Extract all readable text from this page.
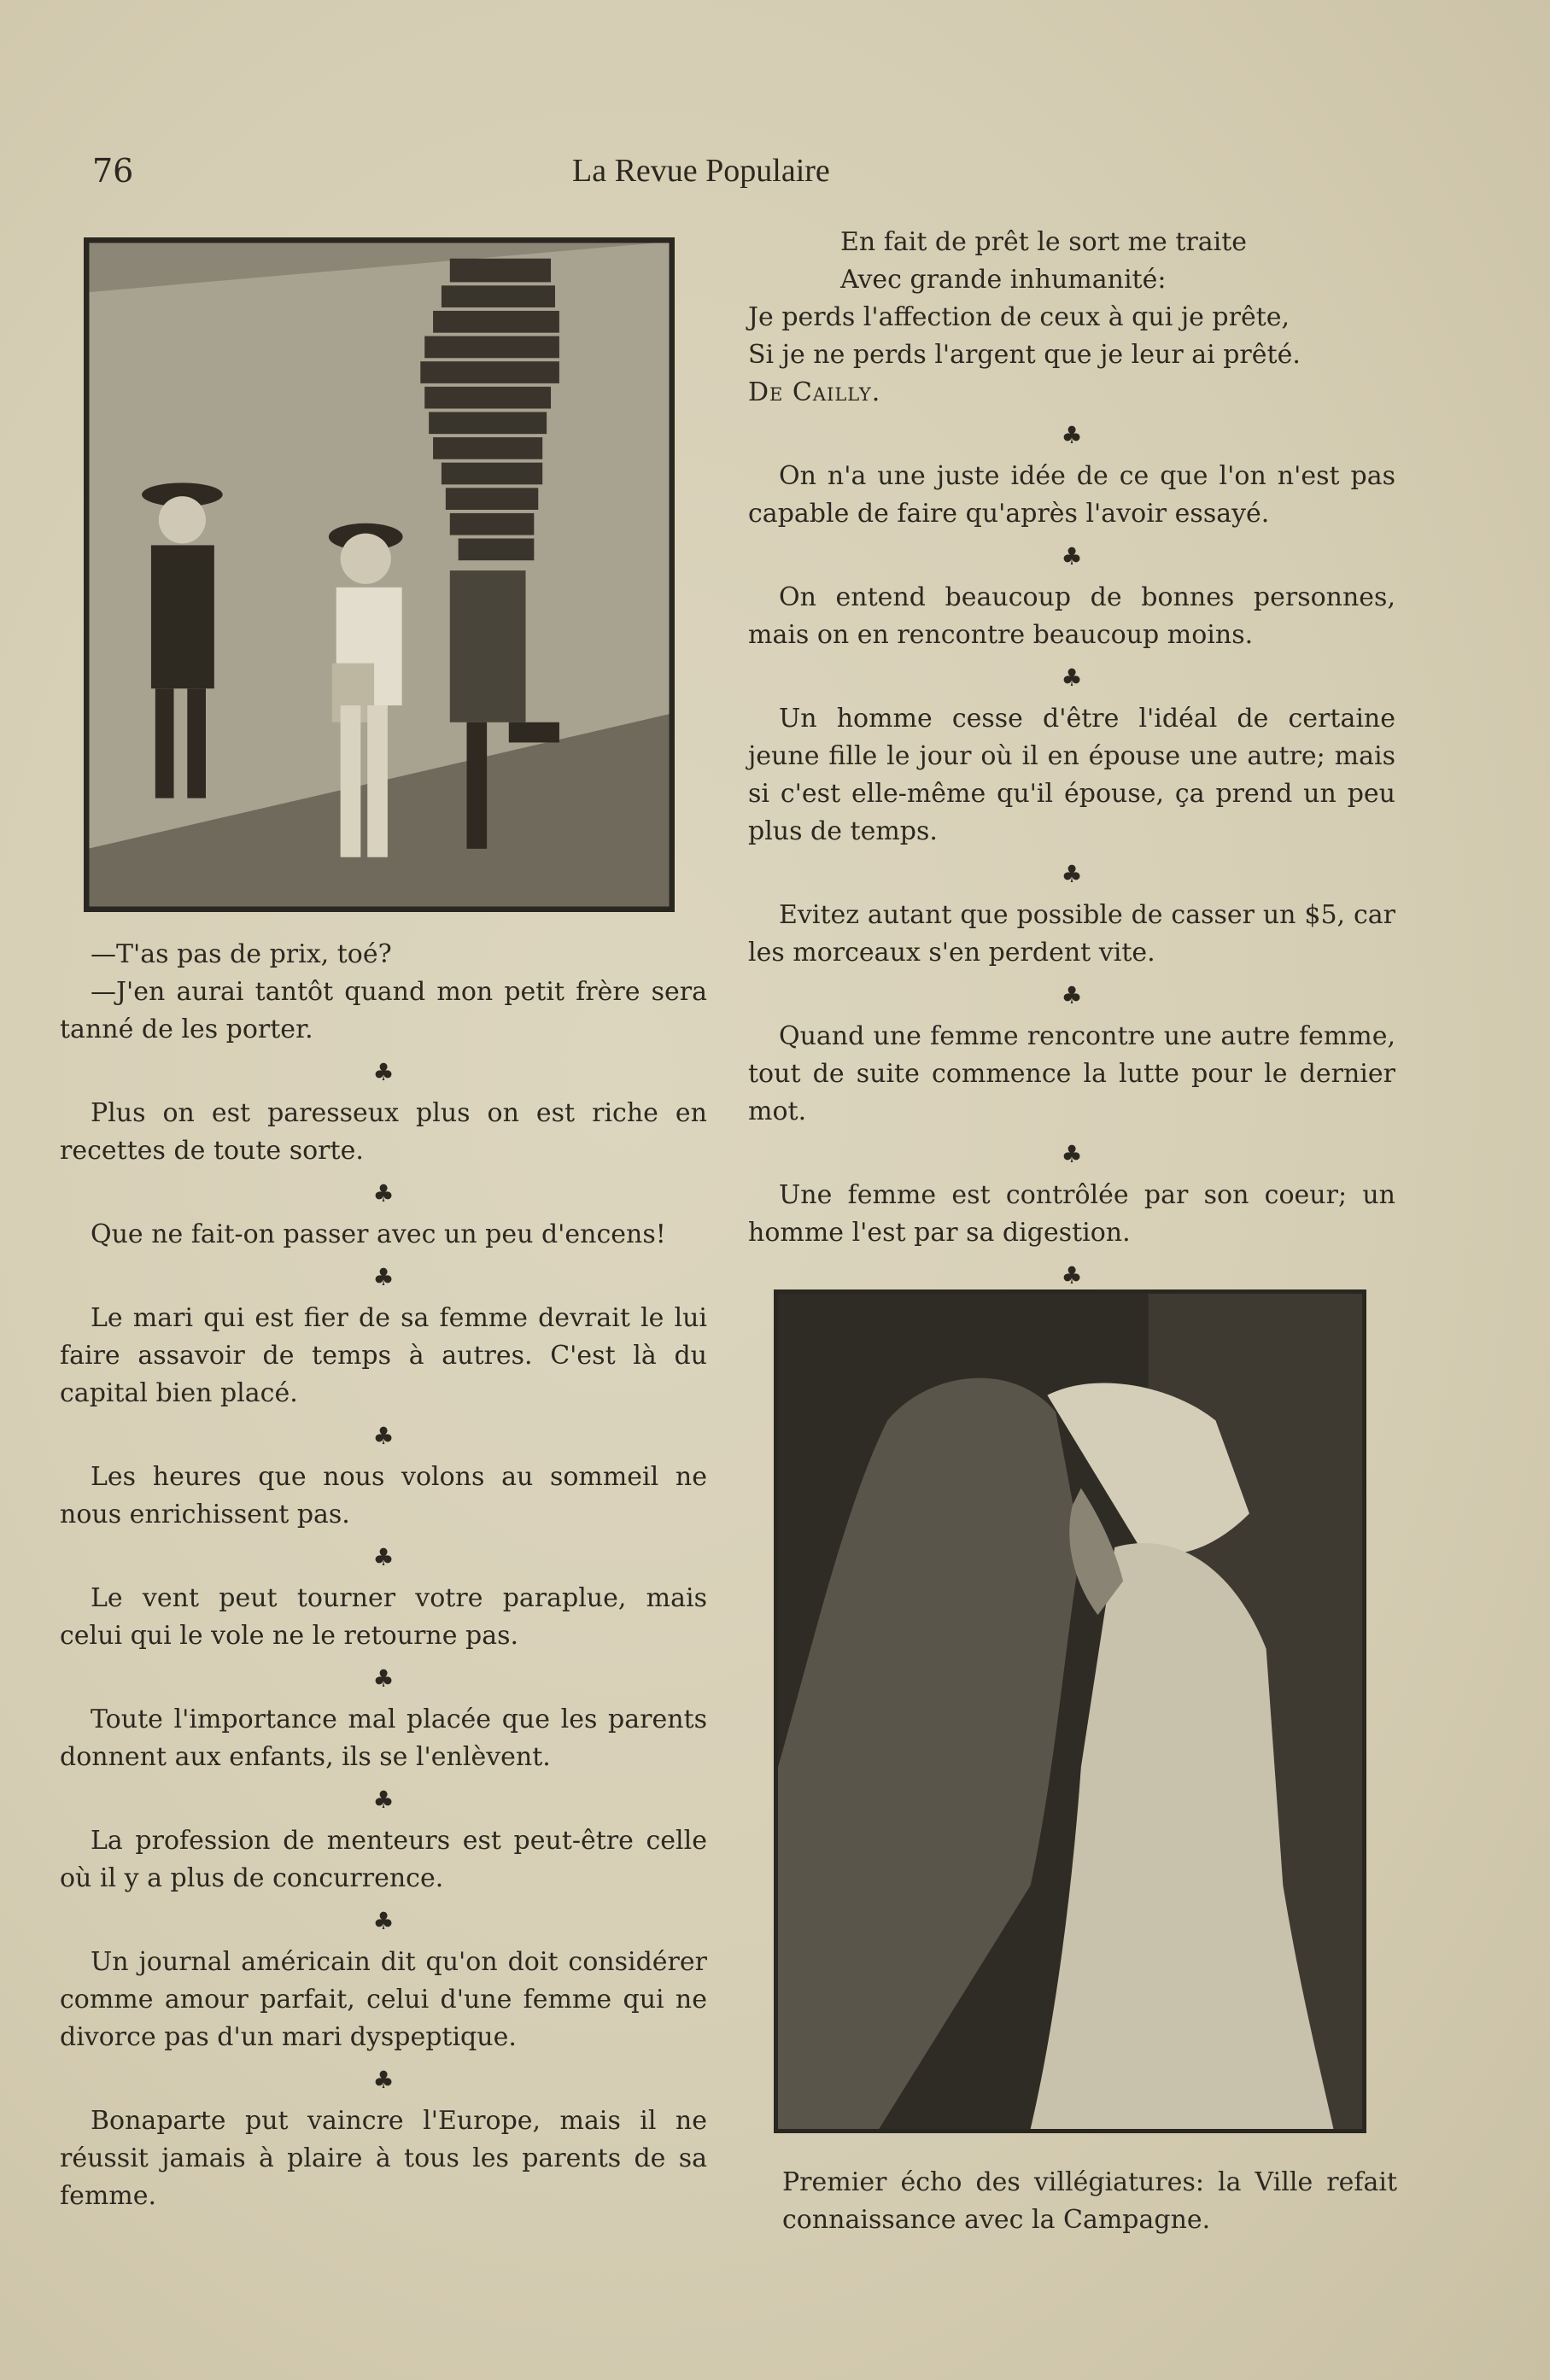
76	La Revue Populaire

—T'as pas de prix, toé?

—J'en aurai tantôt quand mon petit frère sera tanné de les porter.

♣

Plus on est paresseux plus on est riche en recettes de toute sorte.

♣

Que ne fait-on passer avec un peu d'encens!

♣

Le mari qui est fier de sa femme devrait le lui faire assavoir de temps à autres. C'est là du capital bien placé.

♣

Les heures que nous volons au sommeil ne nous enrichissent pas.

♣

Le vent peut tourner votre paraplue, mais celui qui le vole ne le retourne pas.

♣

Toute l'importance mal placée que les parents donnent aux enfants, ils se l'enlèvent.

♣

La profession de menteurs est peut-être celle où il y a plus de concurrence.

♣

Un journal américain dit qu'on doit considérer comme amour parfait, celui d'une femme qui ne divorce pas d'un mari dyspeptique.

♣

Bonaparte put vaincre l'Europe, mais il ne réussit jamais à plaire à tous les parents de sa femme.

En fait de prêt le sort me traite

Avec grande inhumanité:

Je perds l'affection de ceux à qui je prête,

Si je ne perds l'argent que je leur ai prêté.

De Cailly.

♣

On n'a une juste idée de ce que l'on n'est pas capable de faire qu'après l'avoir essayé.

♣

On entend beaucoup de bonnes personnes, mais on en rencontre beaucoup moins.

♣

Un homme cesse d'être l'idéal de certaine jeune fille le jour où il en épouse une autre; mais si c'est elle-même qu'il épouse, ça prend un peu plus de temps.

♣

Evitez autant que possible de casser un $5, car les morceaux s'en perdent vite.

♣

Quand une femme rencontre une autre femme, tout de suite commence la lutte pour le dernier mot.

♣

Une femme est contrôlée par son coeur; un homme l'est par sa digestion.

♣
Premier écho des villégiatures: la Ville refait connaissance avec la Campagne.
